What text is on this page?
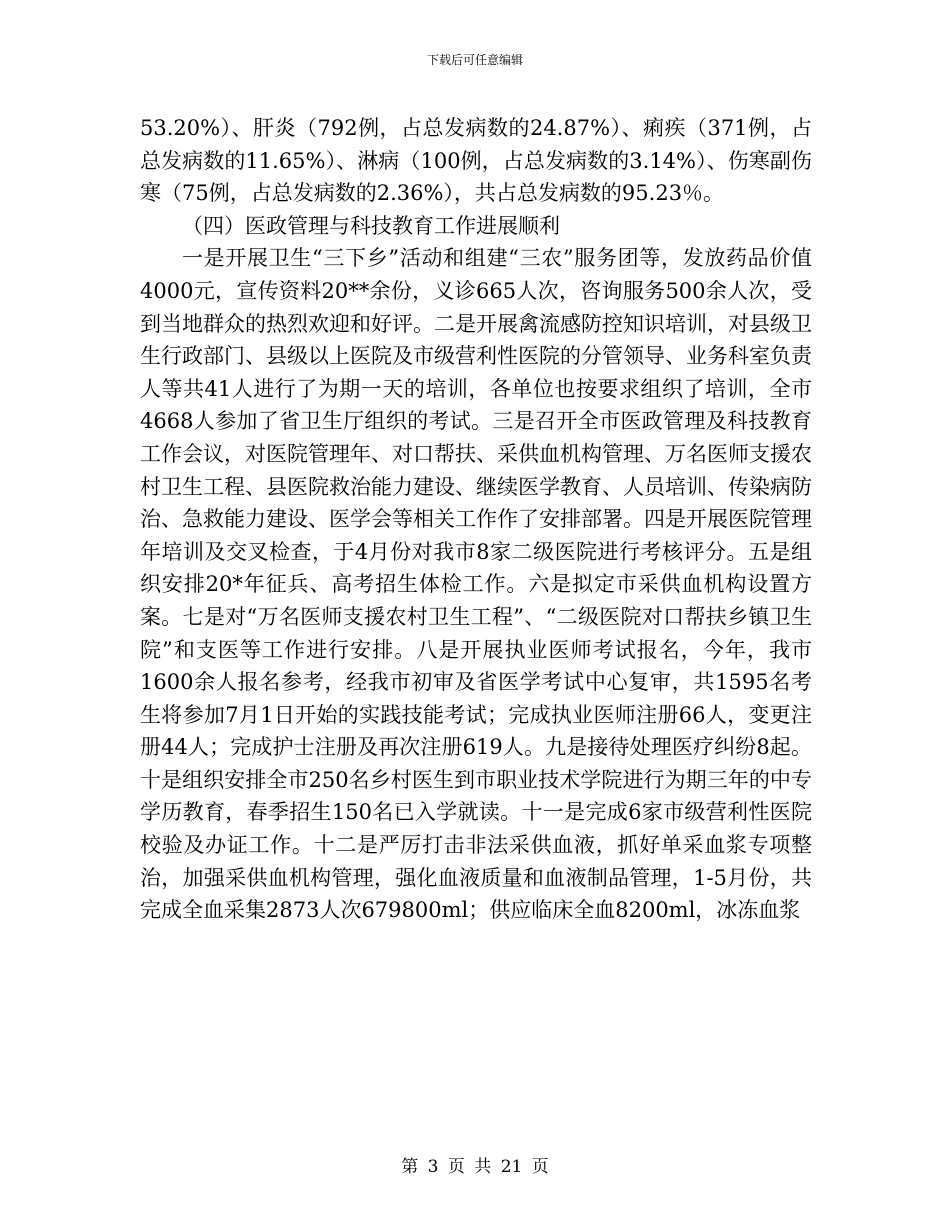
下载后可任意编辑

53.20%）、肝炎（792例，占总发病数的24.87%）、痢疾（371例，占总发病数的11.65%）、淋病（100例，占总发病数的3.14%）、伤寒副伤寒（75例，占总发病数的2.36%），共占总发病数的95.23％。

（四）医政管理与科技教育工作进展顺利

一是开展卫生“三下乡”活动和组建“三农”服务团等，发放药品价值4000元，宣传资料20**余份，义诊665人次，咨询服务500余人次，受到当地群众的热烈欢迎和好评。二是开展禽流感防控知识培训，对县级卫生行政部门、县级以上医院及市级营利性医院的分管领导、业务科室负责人等共41人进行了为期一天的培训，各单位也按要求组织了培训，全市4668人参加了省卫生厅组织的考试。三是召开全市医政管理及科技教育工作会议，对医院管理年、对口帮扶、采供血机构管理、万名医师支援农村卫生工程、县医院救治能力建设、继续医学教育、人员培训、传染病防治、急救能力建设、医学会等相关工作作了安排部署。四是开展医院管理年培训及交叉检查，于4月份对我市8家二级医院进行考核评分。五是组织安排20*年征兵、高考招生体检工作。六是拟定市采供血机构设置方案。七是对“万名医师支援农村卫生工程”、“二级医院对口帮扶乡镇卫生院”和支医等工作进行安排。八是开展执业医师考试报名，今年，我市1600余人报名参考，经我市初审及省医学考试中心复审，共1595名考生将参加7月1日开始的实践技能考试；完成执业医师注册66人，变更注册44人；完成护士注册及再次注册619人。九是接待处理医疗纠纷8起。十是组织安排全市250名乡村医生到市职业技术学院进行为期三年的中专学历教育，春季招生150名已入学就读。十一是完成6家市级营利性医院校验及办证工作。十二是严厉打击非法采供血液，抓好单采血浆专项整治，加强采供血机构管理，强化血液质量和血液制品管理，1-5月份，共完成全血采集2873人次679800ml；供应临床全血8200ml，冰冻血浆

第 3 页 共 21 页
